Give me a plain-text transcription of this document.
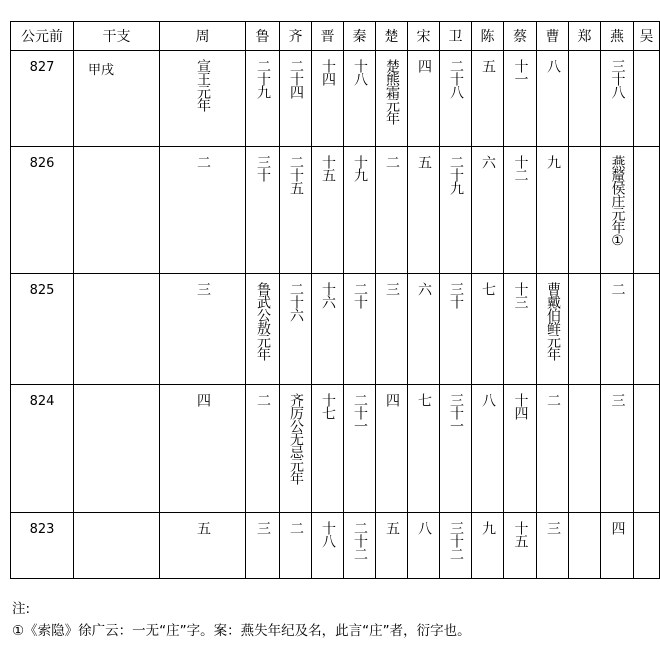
公元前	干支	周	鲁	齐	晋	秦	楚	宋	卫	陈	蔡	曹	郑	燕	吴
827	甲戌	宣王元年	二十九	二十四	十四	十八	楚熊霜元年	四	二十八	五	十一	八		三十八	

826		二	三十	二十五	十五	十九	二	五	二十九	六	十二	九		燕釐侯庄元年①	

825		三	鲁武公敖元年	二十六	十六	二十	三	六	三十	七	十三	曹戴伯鲜元年		二	

824		四	二	齐厉公无忌元年	十七	二十一	四	七	三十一	八	十四	二		三	

823		五	三	二	十八	二十二	五	八	三十二	九	十五	三		四	

注:
①《索隐》徐广云：一无“庄”字。案：燕失年纪及名，此言“庄”者，衍字也。
